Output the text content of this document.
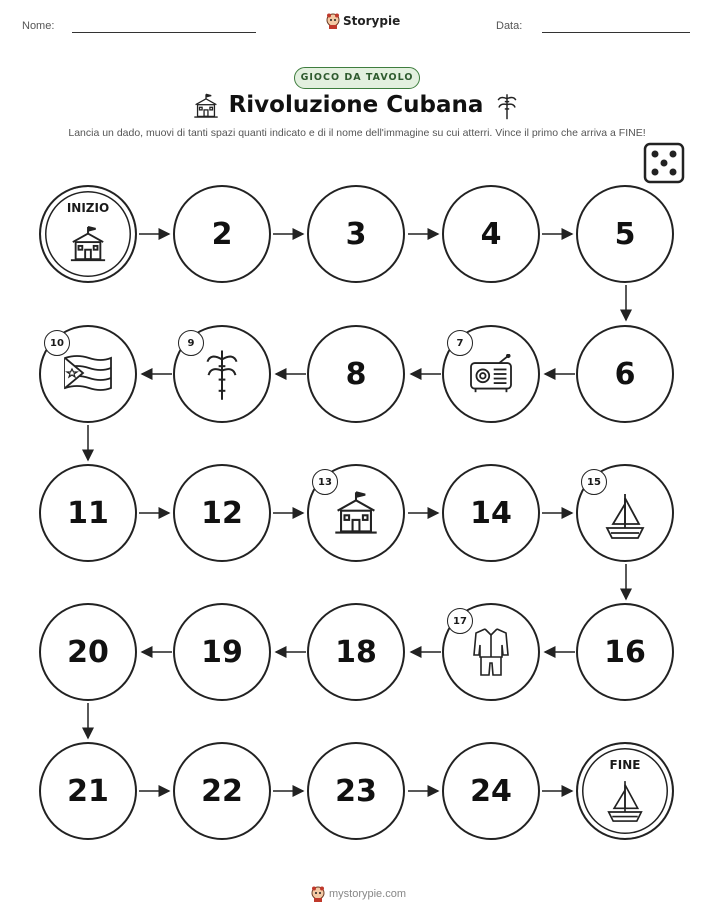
Nome:	Storypie	Data:
GIOCO DA TAVOLO
Rivoluzione Cubana
Lancia un dado, muovi di tanti spazi quanti indicato e di il nome dell'immagine su cui atterri. Vince il primo che arriva a FINE!
INIZIO
2	3	4	5
6
7
8
9
10
11	12
13
14
15
16
17
18
19
20
21	22	23	24
FINE
mystorypie.com
